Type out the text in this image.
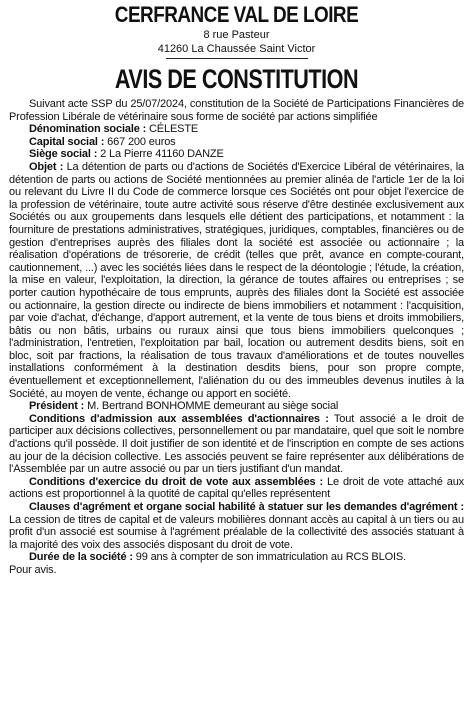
CERFRANCE VAL DE LOIRE
8 rue Pasteur
41260 La Chaussée Saint Victor
AVIS DE CONSTITUTION

Suivant acte SSP du 25/07/2024, constitution de la Société de Participations Financières de Profession Libérale de vétérinaire sous forme de société par actions simplifiée

Dénomination sociale : CÉLESTE

Capital social : 667 200 euros

Siège social : 2 La Pierre 41160 DANZE

Objet : La détention de parts ou d'actions de Sociétés d'Exercice Libéral de vétérinaires, la détention de parts ou actions de Société mentionnées au premier alinéa de l'article 1er de la loi ou relevant du Livre II du Code de commerce lorsque ces Sociétés ont pour objet l'exercice de la profession de vétérinaire, toute autre activité sous réserve d'être destinée exclusivement aux Sociétés ou aux groupements dans lesquels elle détient des participations, et notamment : la fourniture de prestations administratives, stratégiques, juridiques, comptables, financières ou de gestion d'entreprises auprès des filiales dont la société est associée ou actionnaire ; la réalisation d'opérations de trésorerie, de crédit (telles que prêt, avance en compte-courant, cautionnement, ...) avec les sociétés liées dans le respect de la déontologie ; l'étude, la création, la mise en valeur, l'exploitation, la direction, la gérance de toutes affaires ou entreprises ; se porter caution hypothécaire de tous emprunts, auprès des filiales dont la Société est associée ou actionnaire, la gestion directe ou indirecte de biens immobiliers et notamment : l'acquisition, par voie d'achat, d'échange, d'apport autrement, et la vente de tous biens et droits immobiliers, bâtis ou non bâtis, urbains ou ruraux ainsi que tous biens immobiliers quelconques ; l'administration, l'entretien, l'exploitation par bail, location ou autrement desdits biens, soit en bloc, soit par fractions, la réalisation de tous travaux d'améliorations et de toutes nouvelles installations conformément à la destination desdits biens, pour son propre compte, éventuellement et exceptionnellement, l'aliénation du ou des immeubles devenus inutiles à la Société, au moyen de vente, échange ou apport en société.

Président : M. Bertrand BONHOMME demeurant au siège social

Conditions d'admission aux assemblées d'actionnaires : Tout associé a le droit de participer aux décisions collectives, personnellement ou par mandataire, quel que soit le nombre d'actions qu'il possède. Il doit justifier de son identité et de l'inscription en compte de ses actions au jour de la décision collective. Les associés peuvent se faire représenter aux délibérations de l'Assemblée par un autre associé ou par un tiers justifiant d'un mandat.

Conditions d'exercice du droit de vote aux assemblées : Le droit de vote attaché aux actions est proportionnel à la quotité de capital qu'elles représentent

Clauses d'agrément et organe social habilité à statuer sur les demandes d'agrément : La cession de titres de capital et de valeurs mobilières donnant accès au capital à un tiers ou au profit d'un associé est soumise à l'agrément préalable de la collectivité des associés statuant à la majorité des voix des associés disposant du droit de vote.

Durée de la société : 99 ans à compter de son immatriculation au RCS BLOIS.

Pour avis.
